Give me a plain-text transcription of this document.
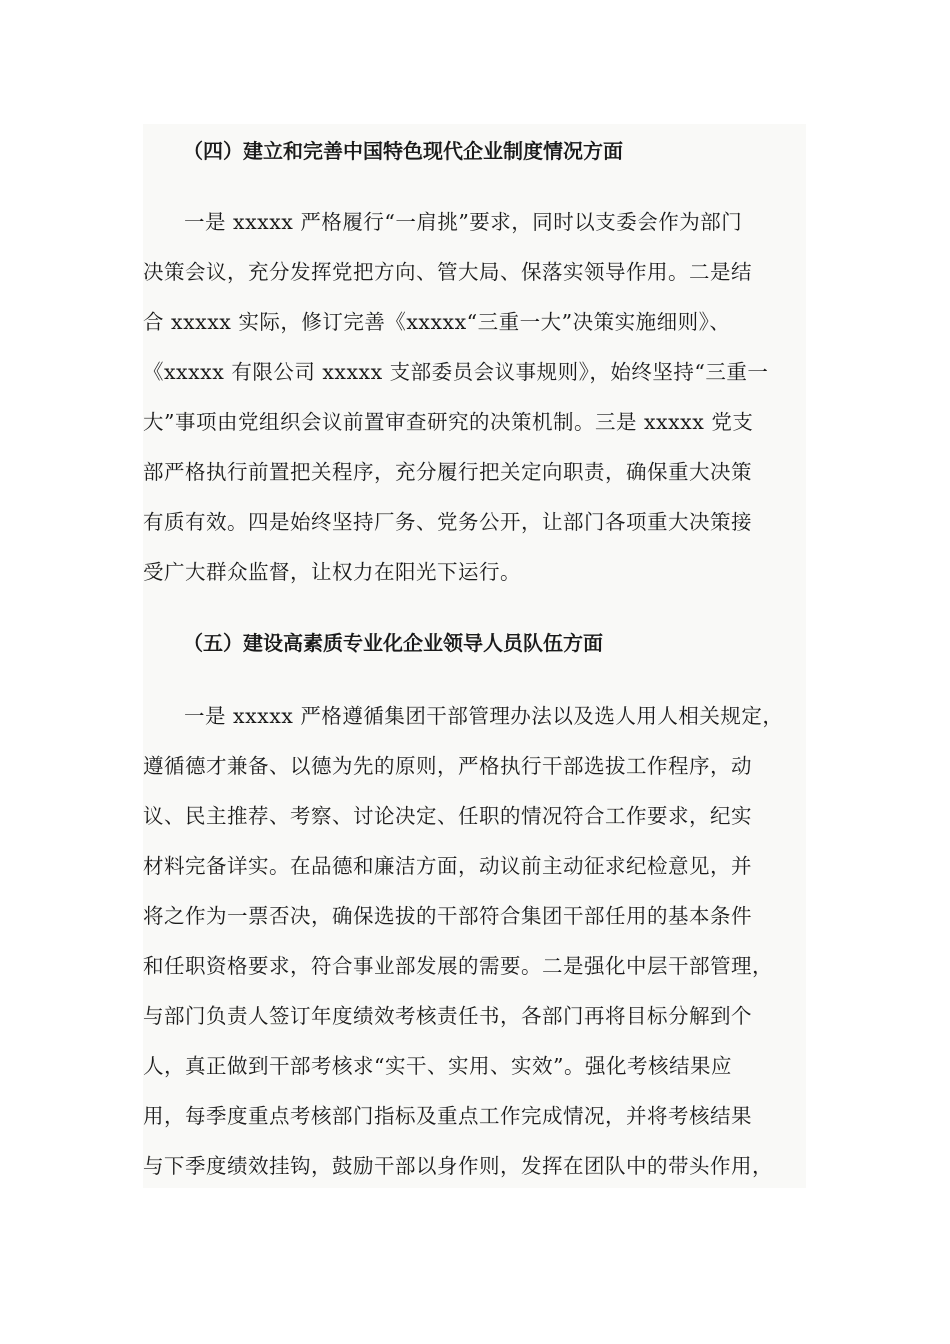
（四）建立和完善中国特色现代企业制度情况方面
一是 xxxxx 严格履行“一肩挑”要求，同时以支委会作为部门
决策会议，充分发挥党把方向、管大局、保落实领导作用。二是结
合 xxxxx 实际，修订完善《xxxxx“三重一大”决策实施细则》、
《xxxxx 有限公司 xxxxx 支部委员会议事规则》，始终坚持“三重一
大”事项由党组织会议前置审查研究的决策机制。三是 xxxxx 党支
部严格执行前置把关程序，充分履行把关定向职责，确保重大决策
有质有效。四是始终坚持厂务、党务公开，让部门各项重大决策接
受广大群众监督，让权力在阳光下运行。
（五）建设高素质专业化企业领导人员队伍方面
一是 xxxxx 严格遵循集团干部管理办法以及选人用人相关规定，
遵循德才兼备、以德为先的原则，严格执行干部选拔工作程序，动
议、民主推荐、考察、讨论决定、任职的情况符合工作要求，纪实
材料完备详实。在品德和廉洁方面，动议前主动征求纪检意见，并
将之作为一票否决，确保选拔的干部符合集团干部任用的基本条件
和任职资格要求，符合事业部发展的需要。二是强化中层干部管理，
与部门负责人签订年度绩效考核责任书，各部门再将目标分解到个
人，真正做到干部考核求“实干、实用、实效”。强化考核结果应
用，每季度重点考核部门指标及重点工作完成情况，并将考核结果
与下季度绩效挂钩，鼓励干部以身作则，发挥在团队中的带头作用，
